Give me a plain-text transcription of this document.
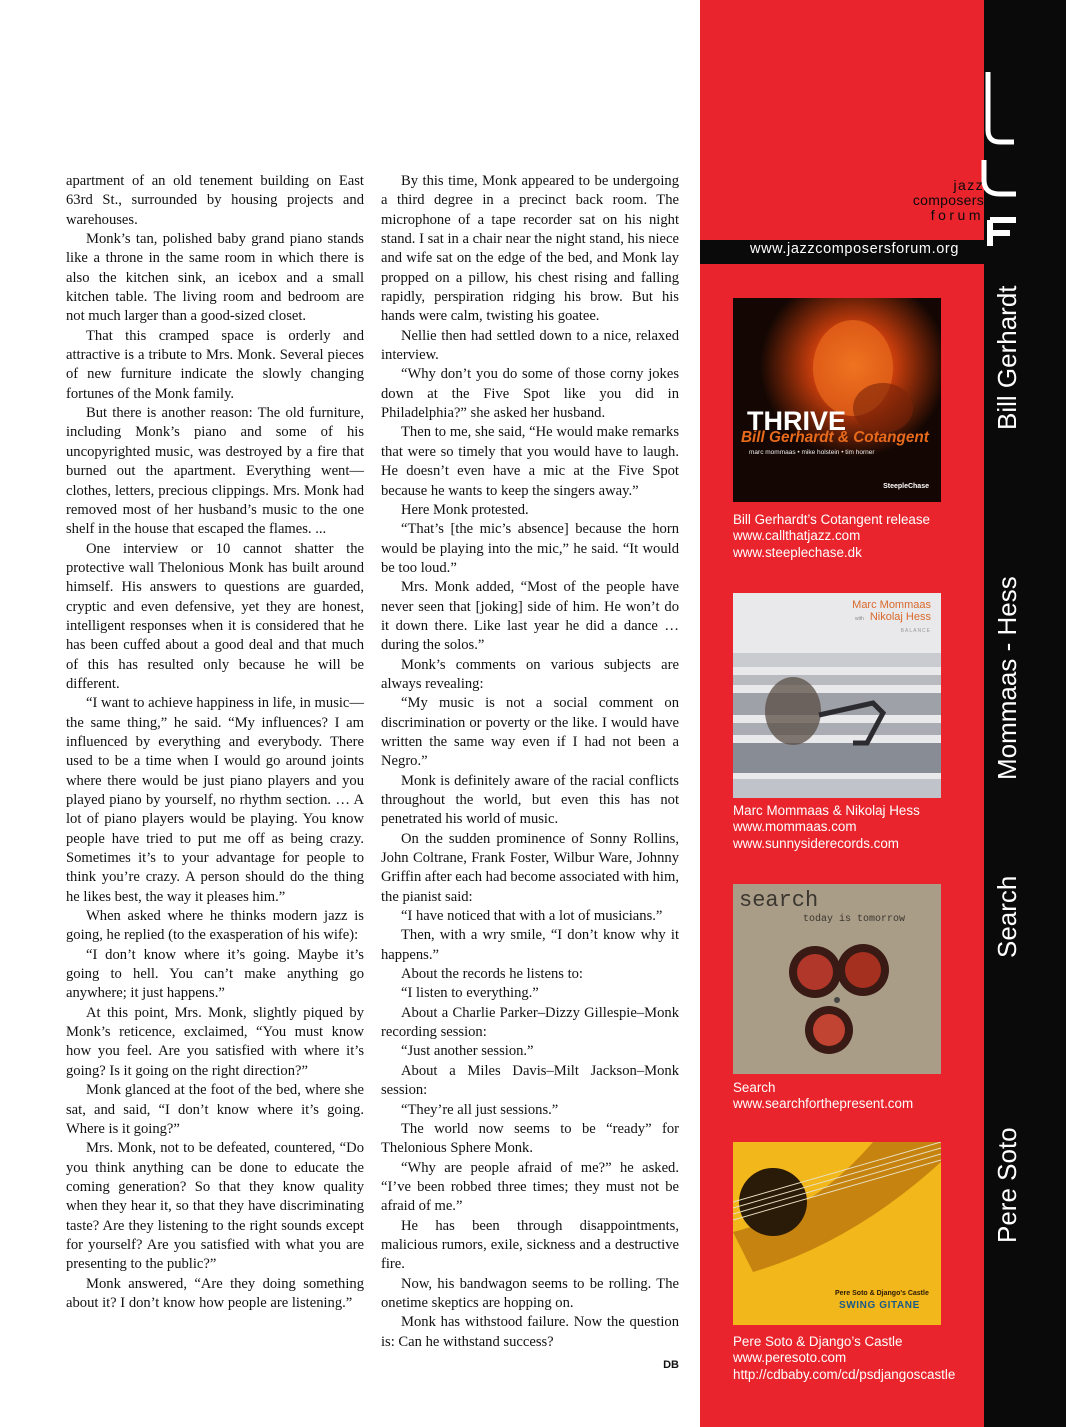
apartment of an old tenement building on East 63rd St., surrounded by housing projects and warehouses.

Monk’s tan, polished baby grand piano stands like a throne in the same room in which there is also the kitchen sink, an icebox and a small kitchen table. The living room and bedroom are not much larger than a good-sized closet.

That this cramped space is orderly and attractive is a tribute to Mrs. Monk. Several pieces of new furniture indicate the slowly changing fortunes of the Monk family.

But there is another reason: The old furniture, including Monk’s piano and some of his uncopyrighted music, was destroyed by a fire that burned out the apartment. Everything went—clothes, letters, precious clippings. Mrs. Monk had removed most of her husband’s music to the one shelf in the house that escaped the flames. ...

One interview or 10 cannot shatter the protective wall Thelonious Monk has built around himself. His answers to questions are guarded, cryptic and even defensive, yet they are honest, intelligent responses when it is considered that he has been cuffed about a good deal and that much of this has resulted only because he will be different.

“I want to achieve happiness in life, in music—the same thing,” he said. “My influences? I am influenced by everything and everybody. There used to be a time when I would go around joints where there would be just piano players and you played piano by yourself, no rhythm section. … A lot of piano players would be playing. You know people have tried to put me off as being crazy. Sometimes it’s to your advantage for people to think you’re crazy. A person should do the thing he likes best, the way it pleases him.”

When asked where he thinks modern jazz is going, he replied (to the exasperation of his wife):

“I don’t know where it’s going. Maybe it’s going to hell. You can’t make anything go anywhere; it just happens.”

At this point, Mrs. Monk, slightly piqued by Monk’s reticence, exclaimed, “You must know how you feel. Are you satisfied with where it’s going? Is it going on the right direction?”

Monk glanced at the foot of the bed, where she sat, and said, “I don’t know where it’s going. Where is it going?”

Mrs. Monk, not to be defeated, countered, “Do you think anything can be done to educate the coming generation? So that they know quality when they hear it, so that they have discriminating taste? Are they listening to the right sounds except for yourself? Are you satisfied with what you are presenting to the public?”

Monk answered, “Are they doing something about it? I don’t know how people are listening.”

By this time, Monk appeared to be undergoing a third degree in a precinct back room. The microphone of a tape recorder sat on his night stand. I sat in a chair near the night stand, his niece and wife sat on the edge of the bed, and Monk lay propped on a pillow, his chest rising and falling rapidly, perspiration ridging his brow. But his hands were calm, twisting his goatee.

Nellie then had settled down to a nice, relaxed interview.

“Why don’t you do some of those corny jokes down at the Five Spot like you did in Philadelphia?” she asked her husband.

Then to me, she said, “He would make remarks that were so timely that you would have to laugh. He doesn’t even have a mic at the Five Spot because he wants to keep the singers away.”

Here Monk protested.

“That’s [the mic’s absence] because the horn would be playing into the mic,” he said. “It would be too loud.”

Mrs. Monk added, “Most of the people have never seen that [joking] side of him. He won’t do it down there. Like last year he did a dance … during the solos.”

Monk’s comments on various subjects are always revealing:

“My music is not a social comment on discrimination or poverty or the like. I would have written the same way even if I had not been a Negro.”

Monk is definitely aware of the racial conflicts throughout the world, but even this has not penetrated his world of music.

On the sudden prominence of Sonny Rollins, John Coltrane, Frank Foster, Wilbur Ware, Johnny Griffin after each had become associated with him, the pianist said:

“I have noticed that with a lot of musicians.”

Then, with a wry smile, “I don’t know why it happens.”

About the records he listens to:

“I listen to everything.”

About a Charlie Parker–Dizzy Gillespie–Monk recording session:

“Just another session.”

About a Miles Davis–Milt Jackson–Monk session:

“They’re all just sessions.”

The world now seems to be “ready” for Thelonious Sphere Monk.

“Why are people afraid of me?” he asked. “I’ve been robbed three times; they must not be afraid of me.”

He has been through disappointments, malicious rumors, exile, sickness and a destructive fire.

Now, his bandwagon seems to be rolling. The onetime skeptics are hopping on.

Monk has withstood failure. Now the question is: Can he withstand success?

DB
jazz
composers
forum
www.jazzcomposersforum.org
Bill Gerhardt
Mommaas - Hess
Search
Pere Soto
THRIVE
Bill Gerhardt & Cotangent
marc mommaas • mike holstein • tim horner
SteepleChase
Bill Gerhardt’s Cotangent release
www.callthatjazz.com
www.steeplechase.dk
Marc Mommaas
with Nikolaj Hess
BALANCE
Marc Mommaas & Nikolaj Hess
www.mommaas.com
www.sunnysiderecords.com
search
today is tomorrow
Search
www.searchforthepresent.com
Pere Soto & Django's Castle
SWING GITANE
Pere Soto & Django’s Castle
www.peresoto.com
http://cdbaby.com/cd/psdjangoscastle
